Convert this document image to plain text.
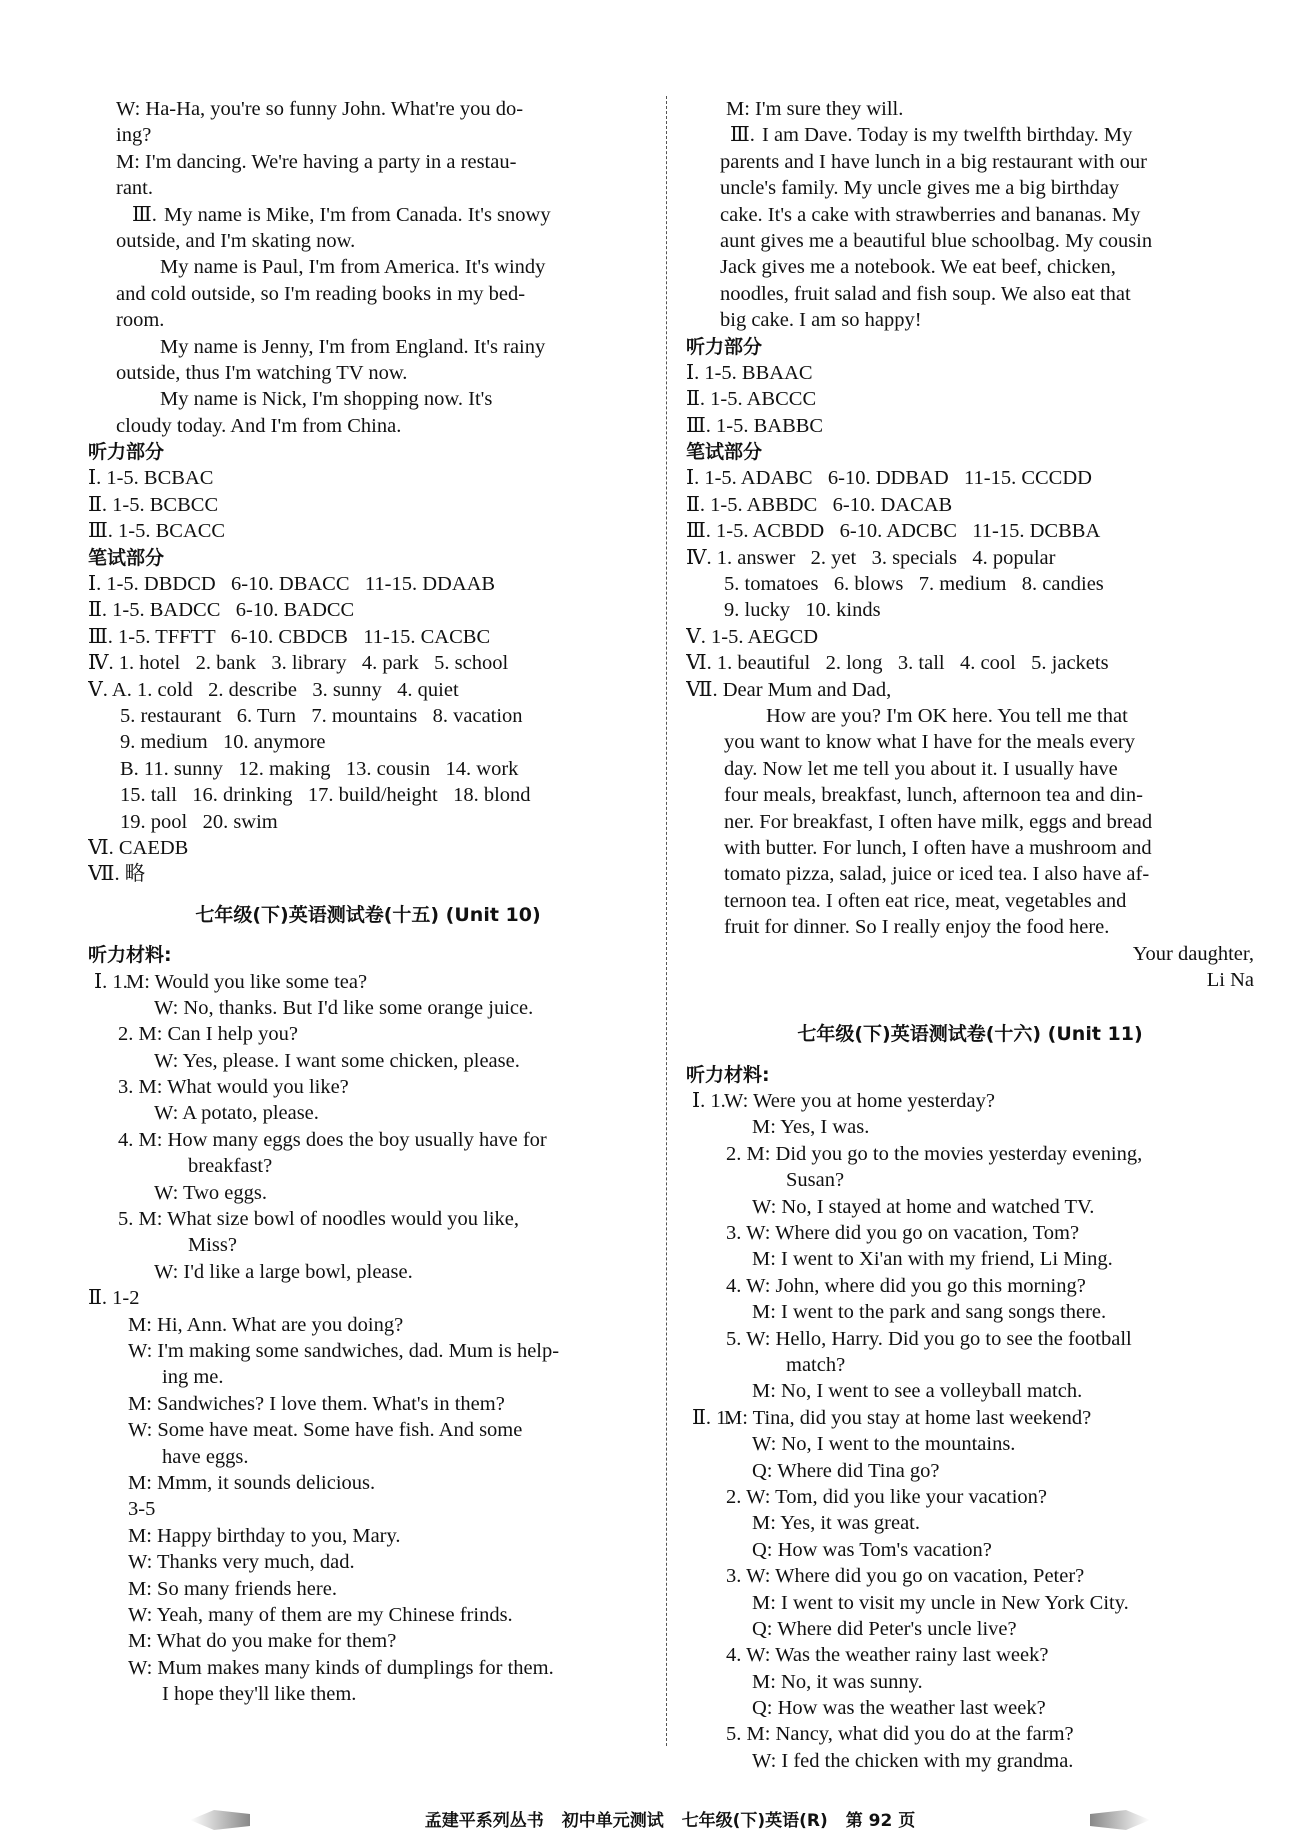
W: Ha-Ha, you're so funny John. What're you do-
ing?
M: I'm dancing. We're having a party in a restau-
rant.
Ⅲ. My name is Mike, I'm from Canada. It's snowy
outside, and I'm skating now.
My name is Paul, I'm from America. It's windy
and cold outside, so I'm reading books in my bed-
room.
My name is Jenny, I'm from England. It's rainy
outside, thus I'm watching TV now.
My name is Nick, I'm shopping now. It's
cloudy today. And I'm from China.
听力部分
Ⅰ. 1-5. BCBAC
Ⅱ. 1-5. BCBCC
Ⅲ. 1-5. BCACC
笔试部分
Ⅰ. 1-5. DBDCD   6-10. DBACC   11-15. DDAAB
Ⅱ. 1-5. BADCC   6-10. BADCC
Ⅲ. 1-5. TFFTT   6-10. CBDCB   11-15. CACBC
Ⅳ. 1. hotel   2. bank   3. library   4. park   5. school
Ⅴ. A. 1. cold   2. describe   3. sunny   4. quiet
5. restaurant   6. Turn   7. mountains   8. vacation
9. medium   10. anymore
B. 11. sunny   12. making   13. cousin   14. work
15. tall   16. drinking   17. build/height   18. blond
19. pool   20. swim
Ⅵ. CAEDB
Ⅶ. 略
七年级(下)英语测试卷(十五) (Unit 10)
听力材料:
Ⅰ. 1.M: Would you like some tea?
W: No, thanks. But I'd like some orange juice.
2. M: Can I help you?
W: Yes, please. I want some chicken, please.
3. M: What would you like?
W: A potato, please.
4. M: How many eggs does the boy usually have for
breakfast?
W: Two eggs.
5. M: What size bowl of noodles would you like,
Miss?
W: I'd like a large bowl, please.
Ⅱ. 1-2
M: Hi, Ann. What are you doing?
W: I'm making some sandwiches, dad. Mum is help-
ing me.
M: Sandwiches? I love them. What's in them?
W: Some have meat. Some have fish. And some
have eggs.
M: Mmm, it sounds delicious.
3-5
M: Happy birthday to you, Mary.
W: Thanks very much, dad.
M: So many friends here.
W: Yeah, many of them are my Chinese frinds.
M: What do you make for them?
W: Mum makes many kinds of dumplings for them.
I hope they'll like them.
M: I'm sure they will.
Ⅲ. I am Dave. Today is my twelfth birthday. My
parents and I have lunch in a big restaurant with our
uncle's family. My uncle gives me a big birthday
cake. It's a cake with strawberries and bananas. My
aunt gives me a beautiful blue schoolbag. My cousin
Jack gives me a notebook. We eat beef, chicken,
noodles, fruit salad and fish soup. We also eat that
big cake. I am so happy!
听力部分
Ⅰ. 1-5. BBAAC
Ⅱ. 1-5. ABCCC
Ⅲ. 1-5. BABBC
笔试部分
Ⅰ. 1-5. ADABC   6-10. DDBAD   11-15. CCCDD
Ⅱ. 1-5. ABBDC   6-10. DACAB
Ⅲ. 1-5. ACBDD   6-10. ADCBC   11-15. DCBBA
Ⅳ. 1. answer   2. yet   3. specials   4. popular
5. tomatoes   6. blows   7. medium   8. candies
9. lucky   10. kinds
Ⅴ. 1-5. AEGCD
Ⅵ. 1. beautiful   2. long   3. tall   4. cool   5. jackets
Ⅶ. Dear Mum and Dad,
How are you? I'm OK here. You tell me that
you want to know what I have for the meals every
day. Now let me tell you about it. I usually have
four meals, breakfast, lunch, afternoon tea and din-
ner. For breakfast, I often have milk, eggs and bread
with butter. For lunch, I often have a mushroom and
tomato pizza, salad, juice or iced tea. I also have af-
ternoon tea. I often eat rice, meat, vegetables and
fruit for dinner. So I really enjoy the food here.
Your daughter,
Li Na
七年级(下)英语测试卷(十六) (Unit 11)
听力材料:
Ⅰ. 1.W: Were you at home yesterday?
M: Yes, I was.
2. M: Did you go to the movies yesterday evening,
Susan?
W: No, I stayed at home and watched TV.
3. W: Where did you go on vacation, Tom?
M: I went to Xi'an with my friend, Li Ming.
4. W: John, where did you go this morning?
M: I went to the park and sang songs there.
5. W: Hello, Harry. Did you go to see the football
match?
M: No, I went to see a volleyball match.
Ⅱ. 1.M: Tina, did you stay at home last weekend?
W: No, I went to the mountains.
Q: Where did Tina go?
2. W: Tom, did you like your vacation?
M: Yes, it was great.
Q: How was Tom's vacation?
3. W: Where did you go on vacation, Peter?
M: I went to visit my uncle in New York City.
Q: Where did Peter's uncle live?
4. W: Was the weather rainy last week?
M: No, it was sunny.
Q: How was the weather last week?
5. M: Nancy, what did you do at the farm?
W: I fed the chicken with my grandma.
孟建平系列丛书 初中单元测试 七年级(下)英语(R) 第 92 页
